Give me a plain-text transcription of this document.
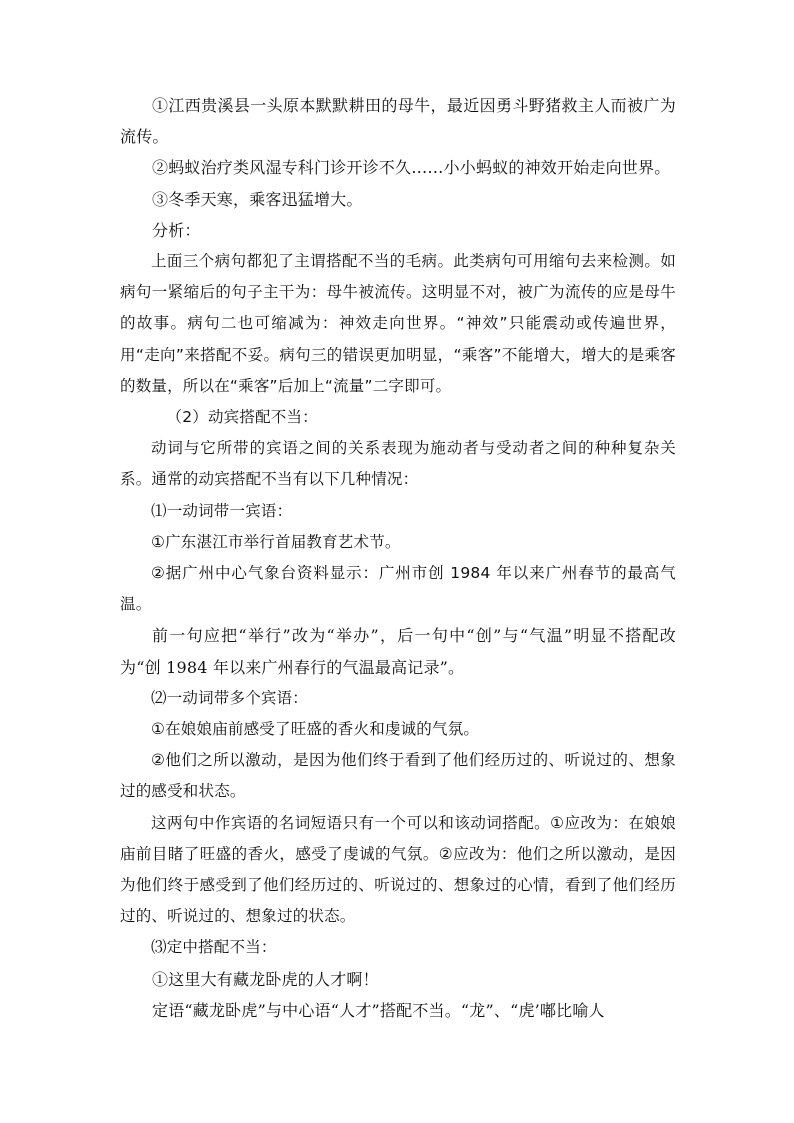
①江西贵溪县一头原本默默耕田的母牛，最近因勇斗野猪救主人而被广为流传。

②蚂蚁治疗类风湿专科门诊开诊不久……小小蚂蚁的神效开始走向世界。

③冬季天寒，乘客迅猛增大。

分析：

上面三个病句都犯了主谓搭配不当的毛病。此类病句可用缩句去来检测。如病句一紧缩后的句子主干为：母牛被流传。这明显不对，被广为流传的应是母牛的故事。病句二也可缩减为：神效走向世界。“神效”只能震动或传遍世界，用“走向”来搭配不妥。病句三的错误更加明显，“乘客”不能增大，增大的是乘客的数量，所以在“乘客”后加上“流量”二字即可。

（2）动宾搭配不当：

动词与它所带的宾语之间的关系表现为施动者与受动者之间的种种复杂关系。通常的动宾搭配不当有以下几种情况：

⑴一动词带一宾语：

①广东湛江市举行首届教育艺术节。

②据广州中心气象台资料显示：广州市创 1984 年以来广州春节的最高气温。

前一句应把“举行”改为“举办”，后一句中“创”与“气温”明显不搭配改为“创 1984 年以来广州春行的气温最高记录”。

⑵一动词带多个宾语：

①在娘娘庙前感受了旺盛的香火和虔诚的气氛。

②他们之所以激动，是因为他们终于看到了他们经历过的、听说过的、想象过的感受和状态。

这两句中作宾语的名词短语只有一个可以和该动词搭配。①应改为：在娘娘庙前目睹了旺盛的香火，感受了虔诚的气氛。②应改为：他们之所以激动，是因为他们终于感受到了他们经历过的、听说过的、想象过的心情，看到了他们经历过的、听说过的、想象过的状态。

⑶定中搭配不当：

①这里大有藏龙卧虎的人才啊！

定语“藏龙卧虎”与中心语“人才”搭配不当。“龙”、“虎’嘟比喻人
